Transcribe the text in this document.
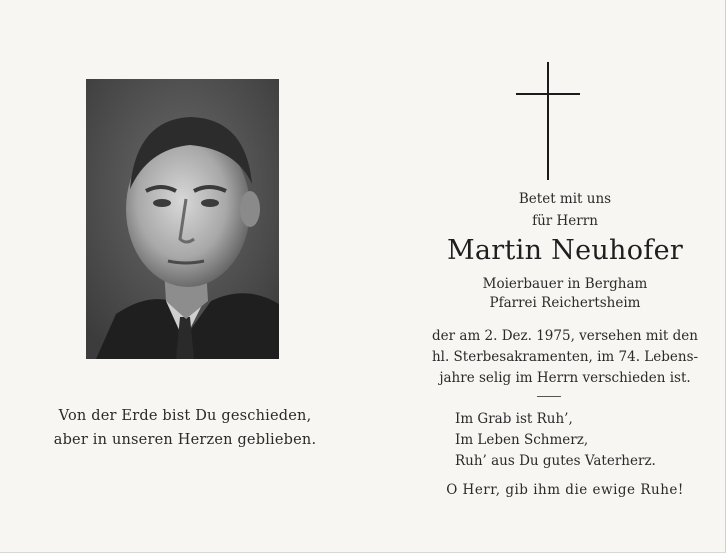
Von der Erde bist Du geschieden,
aber in unseren Herzen geblieben.
Betet mit uns
für Herrn
Martin Neuhofer
Moierbauer in Bergham
Pfarrei Reichertsheim
der am 2. Dez. 1975, versehen mit den
hl. Sterbesakramenten, im 74. Lebens-
jahre selig im Herrn verschieden ist.
Im Grab ist Ruh’,
Im Leben Schmerz,
Ruh’ aus Du gutes Vaterherz.
O Herr, gib ihm die ewige Ruhe!
